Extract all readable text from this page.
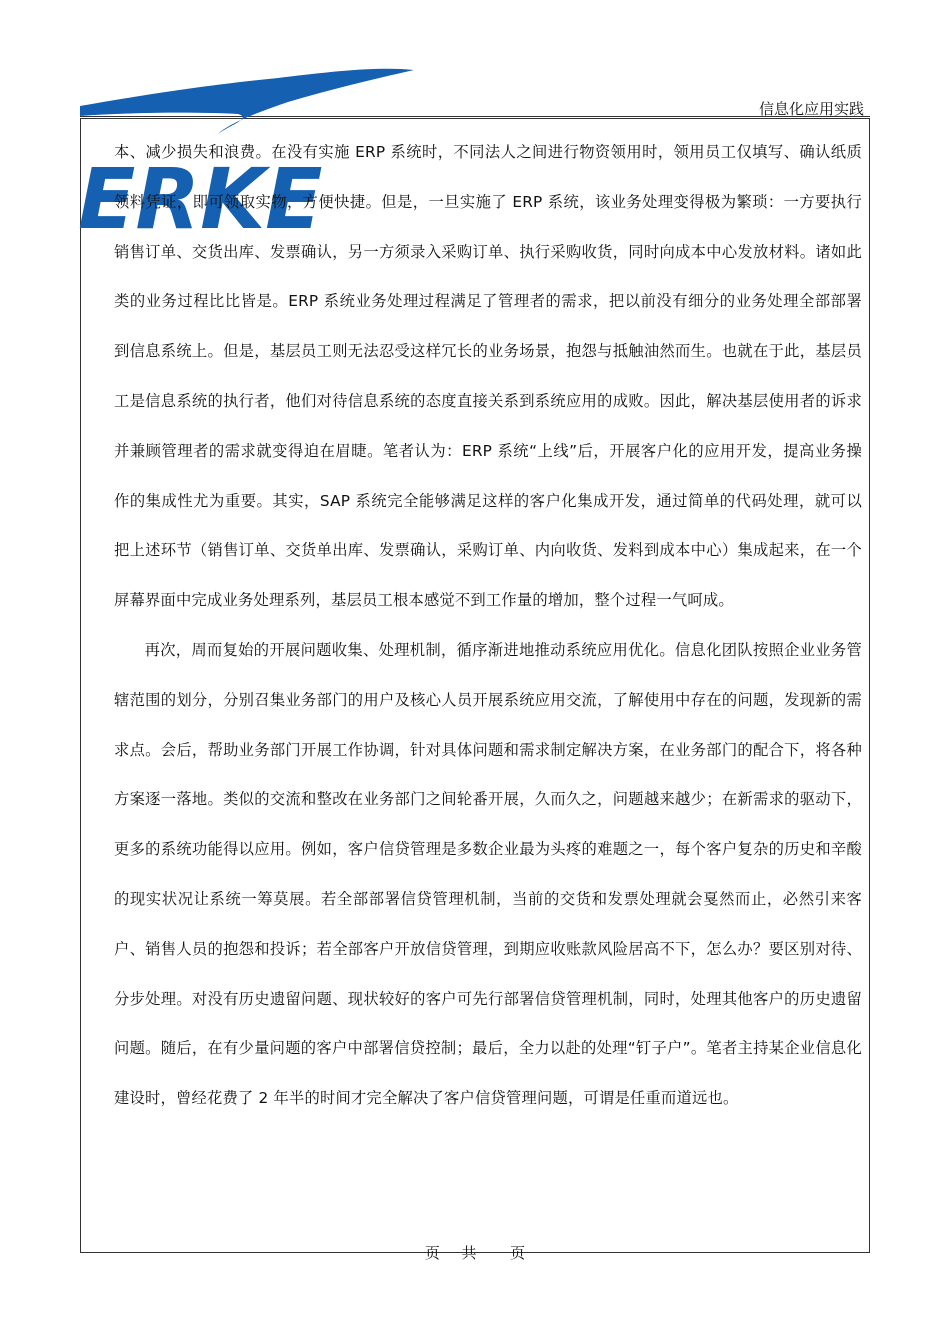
ERKE
信息化应用实践

本、减少损失和浪费。在没有实施 ERP 系统时，不同法人之间进行物资领用时，领用员工仅填写、确认纸质领料凭证，即可领取实物，方便快捷。但是，一旦实施了 ERP 系统，该业务处理变得极为繁琐：一方要执行销售订单、交货出库、发票确认，另一方须录入采购订单、执行采购收货，同时向成本中心发放材料。诸如此类的业务过程比比皆是。ERP 系统业务处理过程满足了管理者的需求，把以前没有细分的业务处理全部部署到信息系统上。但是，基层员工则无法忍受这样冗长的业务场景，抱怨与抵触油然而生。也就在于此，基层员工是信息系统的执行者，他们对待信息系统的态度直接关系到系统应用的成败。因此，解决基层使用者的诉求并兼顾管理者的需求就变得迫在眉睫。笔者认为：ERP 系统“上线”后，开展客户化的应用开发，提高业务操作的集成性尤为重要。其实，SAP 系统完全能够满足这样的客户化集成开发，通过简单的代码处理，就可以把上述环节（销售订单、交货单出库、发票确认，采购订单、内向收货、发料到成本中心）集成起来，在一个屏幕界面中完成业务处理系列，基层员工根本感觉不到工作量的增加，整个过程一气呵成。

再次，周而复始的开展问题收集、处理机制，循序渐进地推动系统应用优化。信息化团队按照企业业务管辖范围的划分，分别召集业务部门的用户及核心人员开展系统应用交流，了解使用中存在的问题，发现新的需求点。会后，帮助业务部门开展工作协调，针对具体问题和需求制定解决方案，在业务部门的配合下，将各种方案逐一落地。类似的交流和整改在业务部门之间轮番开展，久而久之，问题越来越少；在新需求的驱动下，更多的系统功能得以应用。例如，客户信贷管理是多数企业最为头疼的难题之一，每个客户复杂的历史和辛酸的现实状况让系统一筹莫展。若全部部署信贷管理机制，当前的交货和发票处理就会戛然而止，必然引来客户、销售人员的抱怨和投诉；若全部客户开放信贷管理，到期应收账款风险居高不下，怎么办？要区别对待、分步处理。对没有历史遗留问题、现状较好的客户可先行部署信贷管理机制，同时，处理其他客户的历史遗留问题。随后，在有少量问题的客户中部署信贷控制；最后，全力以赴的处理“钉子户”。笔者主持某企业信息化建设时，曾经花费了 2 年半的时间才完全解决了客户信贷管理问题，可谓是任重而道远也。

页 共 页
